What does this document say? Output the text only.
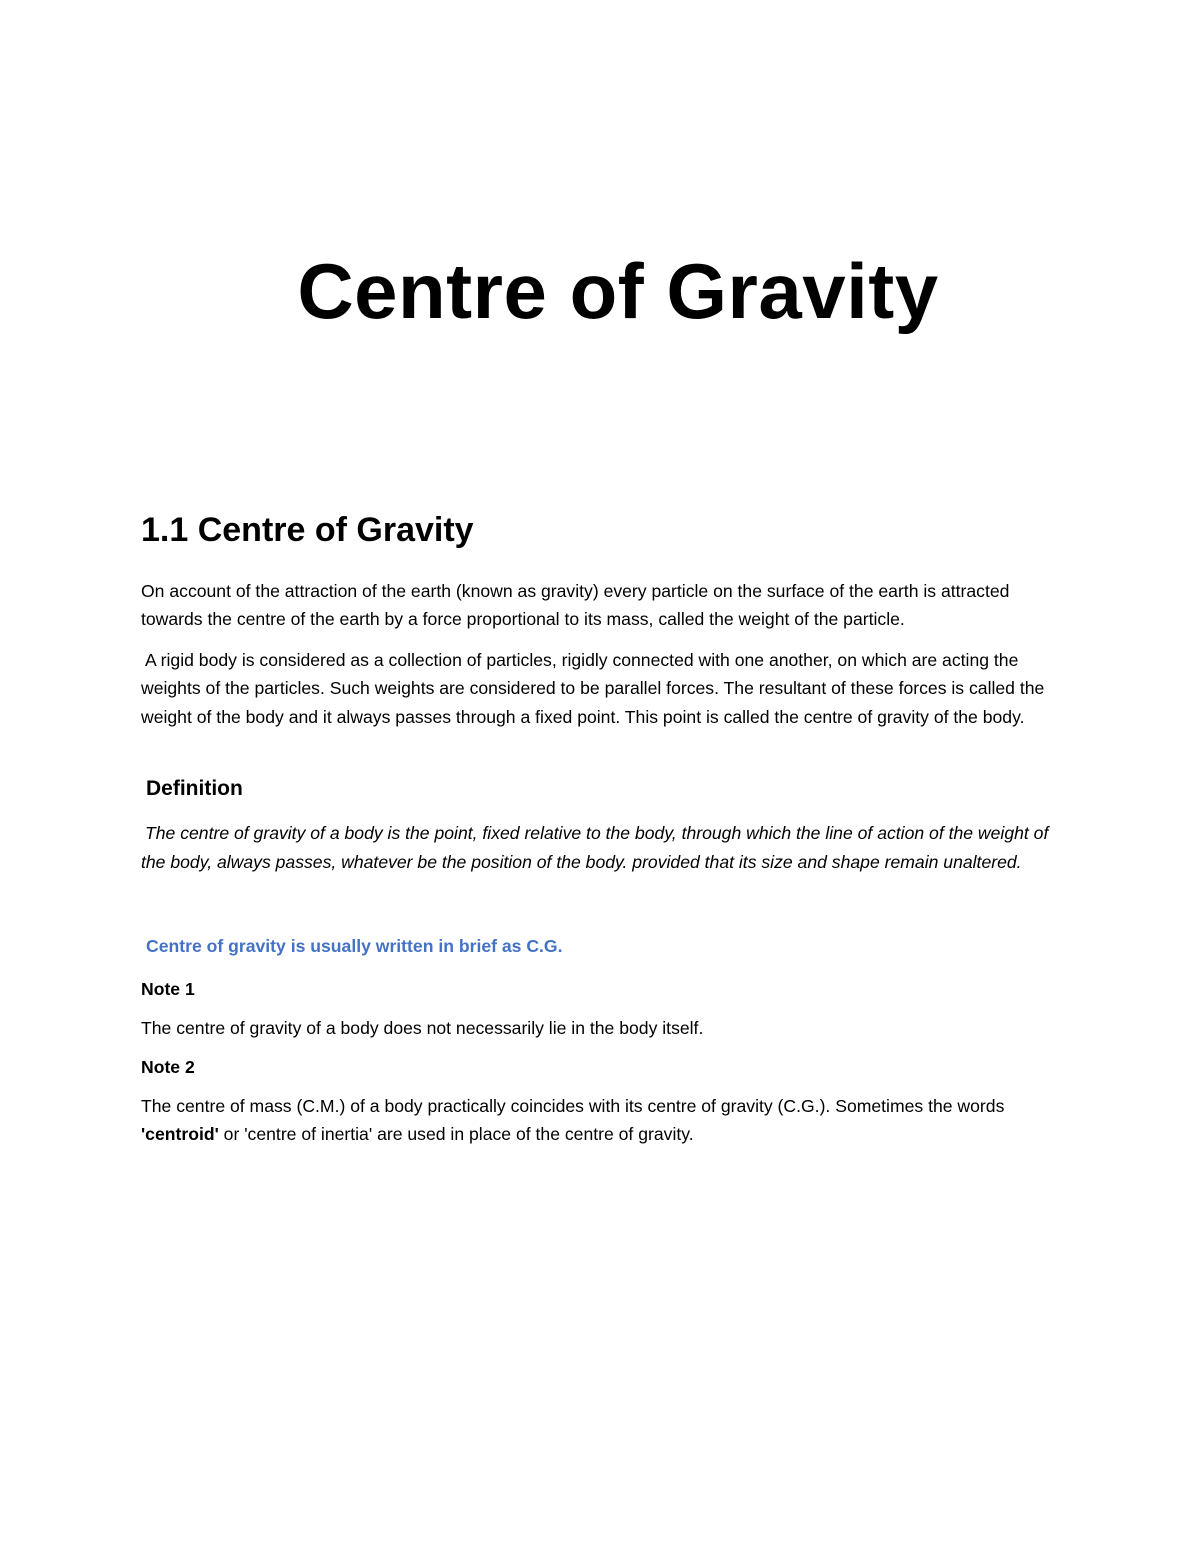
Centre of Gravity
1.1 Centre of Gravity

On account of the attraction of the earth (known as gravity) every particle on the surface of the earth is attracted towards the centre of the earth by a force proportional to its mass, called the weight of the particle.

A rigid body is considered as a collection of particles, rigidly connected with one another, on which are acting the weights of the particles. Such weights are considered to be parallel forces. The resultant of these forces is called the weight of the body and it always passes through a fixed point. This point is called the centre of gravity of the body.

Definition

The centre of gravity of a body is the point, fixed relative to the body, through which the line of action of the weight of the body, always passes, whatever be the position of the body. provided that its size and shape remain unaltered.

Centre of gravity is usually written in brief as C.G.

Note 1

The centre of gravity of a body does not necessarily lie in the body itself.

Note 2

The centre of mass (C.M.) of a body practically coincides with its centre of gravity (C.G.). Sometimes the words 'centroid' or 'centre of inertia' are used in place of the centre of gravity.
